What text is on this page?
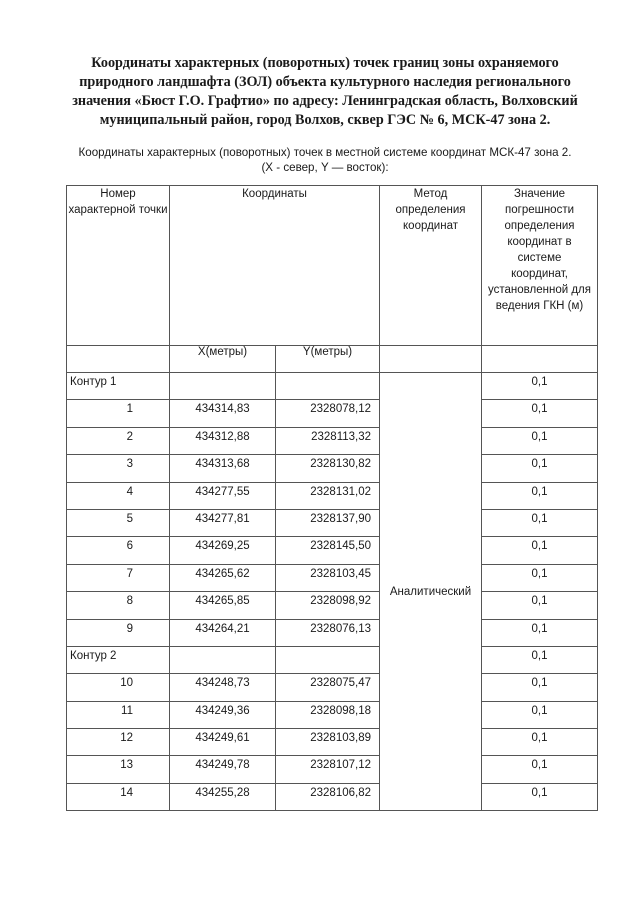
Координаты характерных (поворотных) точек границ зоны охраняемого природного ландшафта (ЗОЛ) объекта культурного наследия регионального значения «Бюст Г.О. Графтио» по адресу: Ленинградская область, Волховский муниципальный район, город Волхов, сквер ГЭС № 6, МСК-47 зона 2.
Координаты характерных (поворотных) точек в местной системе координат МСК-47 зона 2.
(X - север, Y — восток):
Номер характерной точки	Координаты		Метод определения координат	Значение погрешности определения координат в системе координат, установленной для ведения ГКН (м)
	X(метры)	Y(метры)		
Контур 1			Аналитический	0,1
1	434314,83	2328078,12		0,1
2	434312,88	2328113,32		0,1
3	434313,68	2328130,82		0,1
4	434277,55	2328131,02		0,1
5	434277,81	2328137,90		0,1
6	434269,25	2328145,50		0,1
7	434265,62	2328103,45		0,1
8	434265,85	2328098,92		0,1
9	434264,21	2328076,13		0,1
Контур 2				0,1
10	434248,73	2328075,47		0,1
11	434249,36	2328098,18		0,1
12	434249,61	2328103,89		0,1
13	434249,78	2328107,12		0,1
14	434255,28	2328106,82		0,1
